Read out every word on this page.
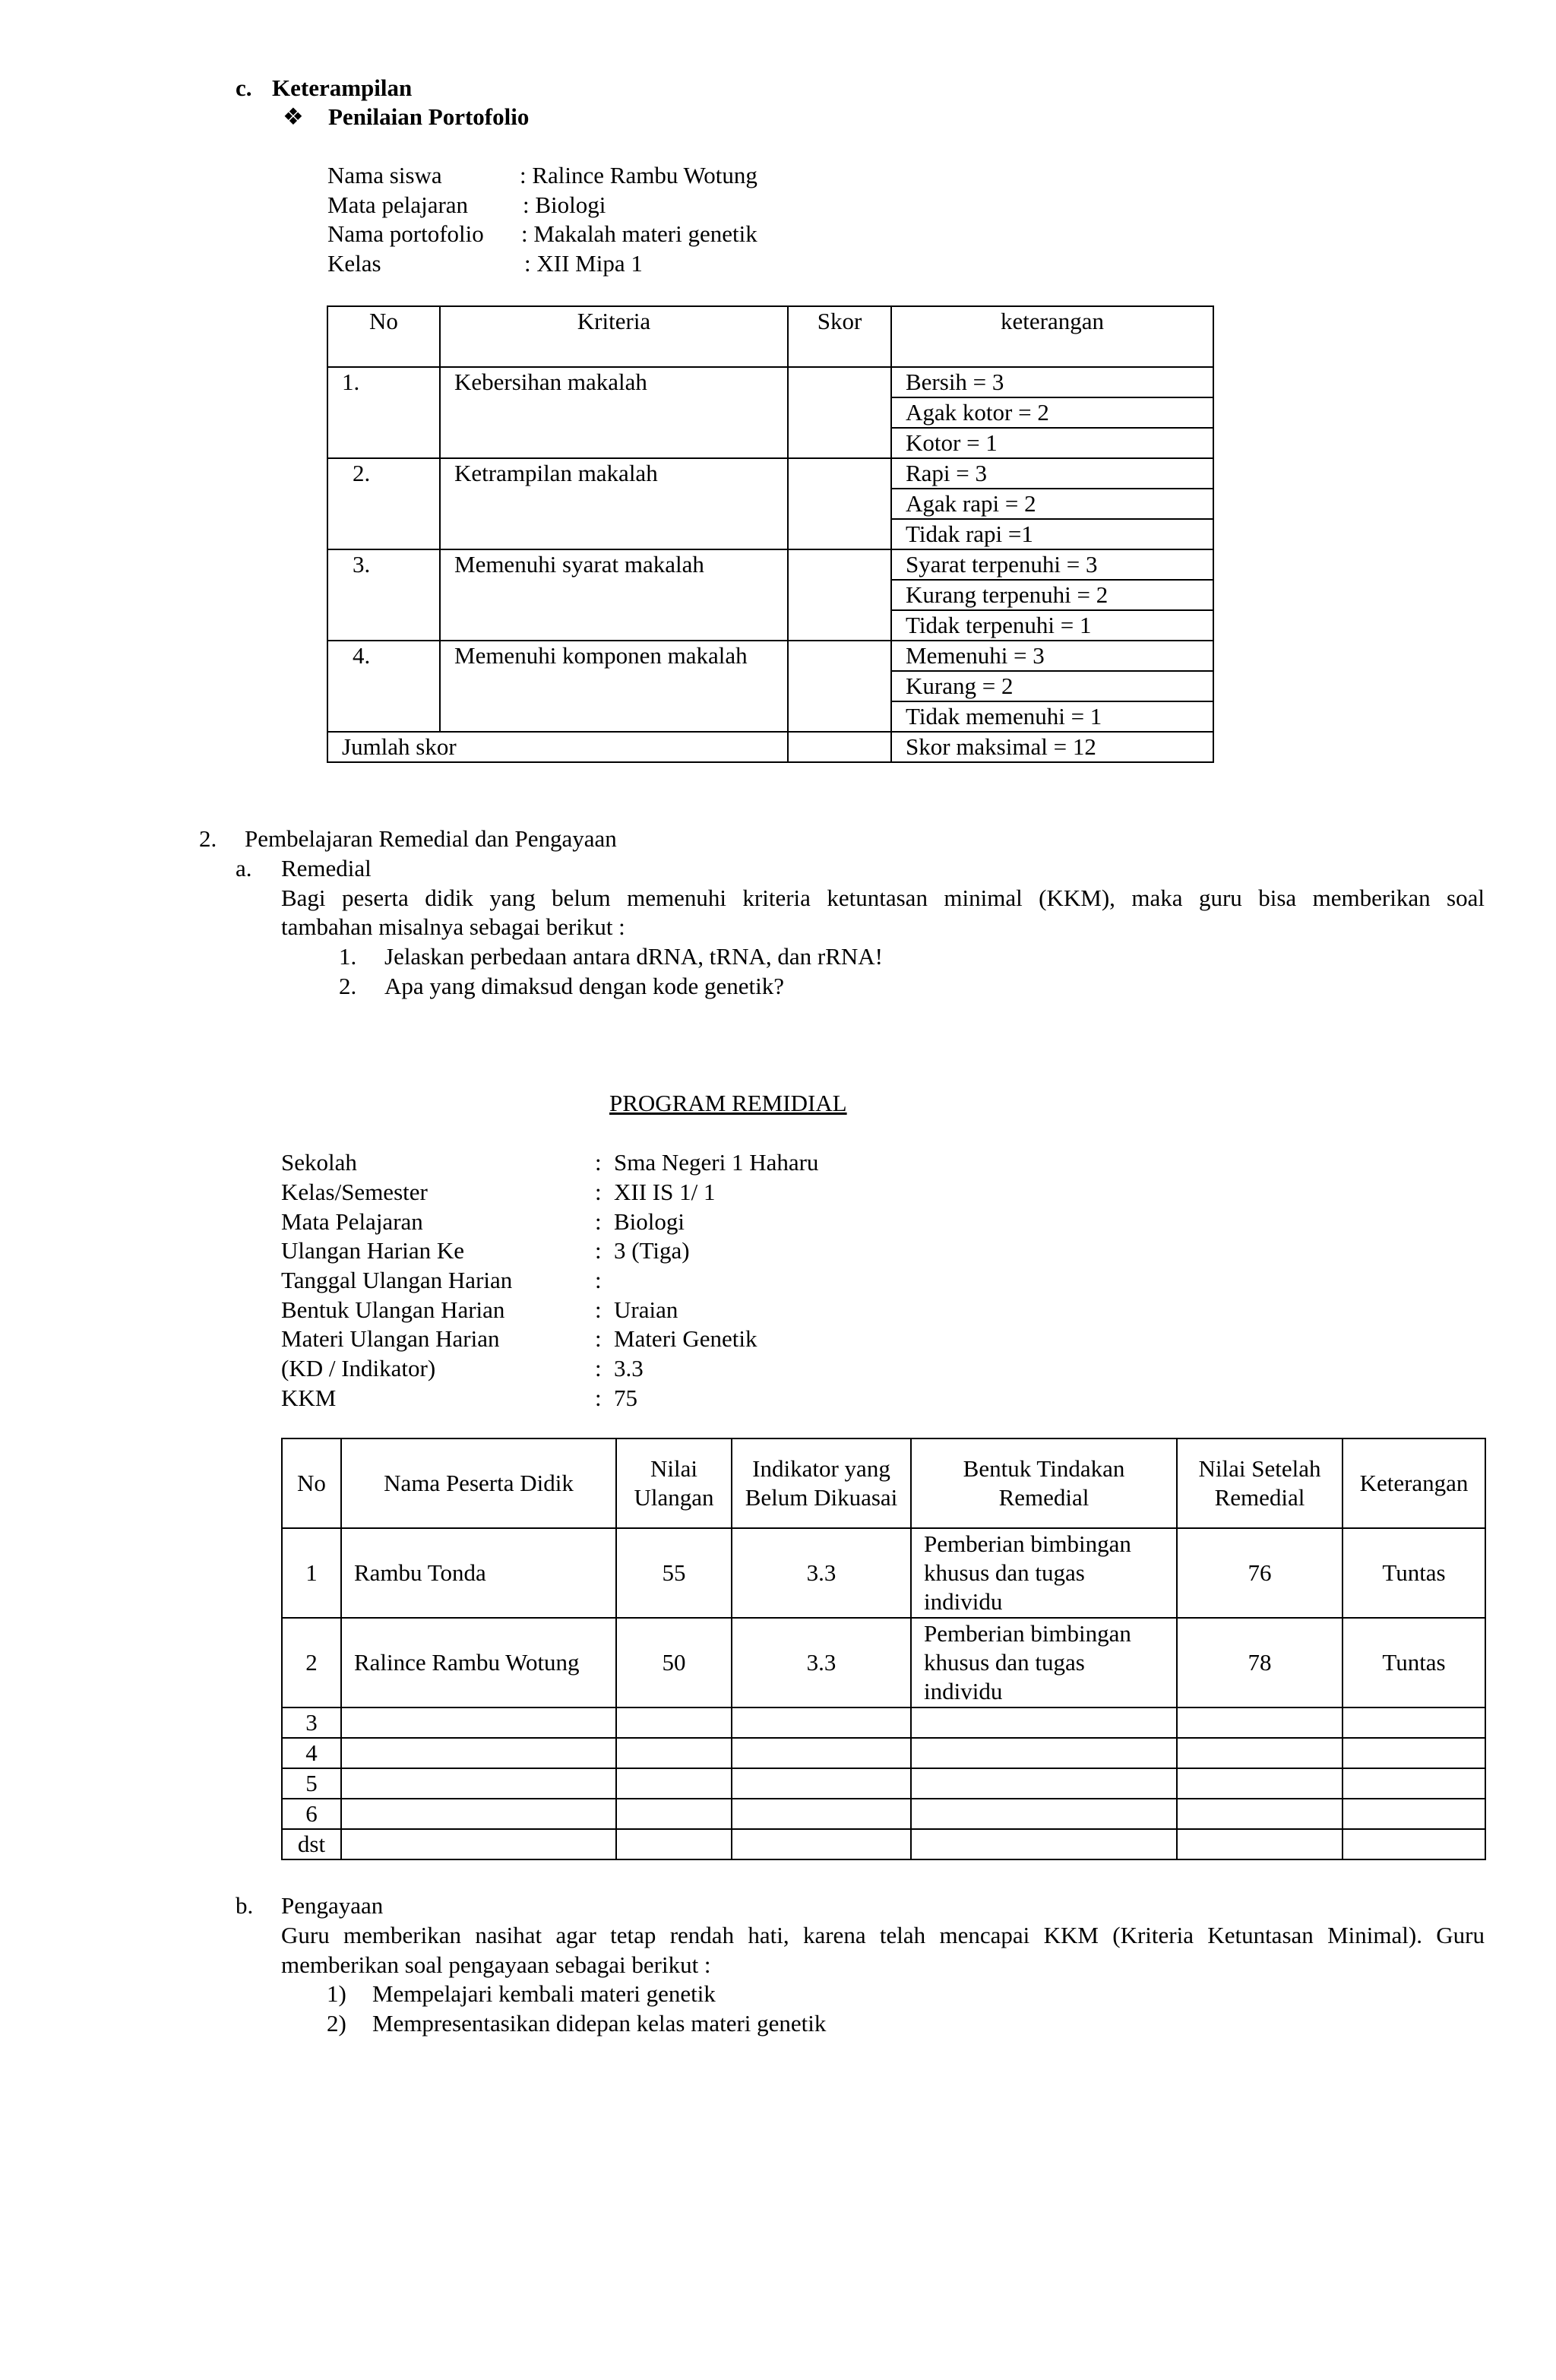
c. Keterampilan
❖ Penilaian Portofolio
Nama siswa	: Ralince Rambu Wotung
Mata pelajaran : Biologi
Nama portofolio : Makalah materi genetik
Kelas	: XII Mipa 1
No	Kriteria	Skor	keterangan
1.	Kebersihan makalah		Bersih = 3
			Agak kotor = 2
			Kotor = 1
2.	Ketrampilan makalah		Rapi = 3
			Agak rapi = 2
			Tidak rapi =1
3.	Memenuhi syarat makalah		Syarat terpenuhi = 3
			Kurang terpenuhi = 2
			Tidak terpenuhi = 1
4.	Memenuhi komponen makalah		Memenuhi = 3
			Kurang = 2
			Tidak memenuhi = 1
Jumlah skor			Skor maksimal = 12
2. Pembelajaran Remedial dan Pengayaan
a. Remedial
Bagi peserta didik yang belum memenuhi kriteria ketuntasan minimal (KKM), maka guru bisa memberikan soal
tambahan misalnya sebagai berikut :
1. Jelaskan perbedaan antara dRNA, tRNA, dan rRNA!
2. Apa yang dimaksud dengan kode genetik?
PROGRAM REMIDIAL
Sekolah	: Sma Negeri 1 Haharu
Kelas/Semester	: XII IS 1/ 1
Mata Pelajaran	: Biologi
Ulangan Harian Ke	: 3 (Tiga)
Tanggal Ulangan Harian	:
Bentuk Ulangan Harian	: Uraian
Materi Ulangan Harian	: Materi Genetik
(KD / Indikator)	: 3.3
KKM	: 75
No	Nama Peserta Didik	Nilai Ulangan	Indikator yang Belum Dikuasai	Bentuk Tindakan Remedial	Nilai Setelah Remedial	Keterangan
1	Rambu Tonda	55	3.3	Pemberian bimbingan khusus dan tugas individu	76	Tuntas
2	Ralince Rambu Wotung	50	3.3	Pemberian bimbingan khusus dan tugas individu	78	Tuntas
3						
4						
5						
6						
dst						
b. Pengayaan
Guru memberikan nasihat agar tetap rendah hati, karena telah mencapai KKM (Kriteria Ketuntasan Minimal). Guru
memberikan soal pengayaan sebagai berikut :
1) Mempelajari kembali materi genetik
2) Mempresentasikan didepan kelas materi genetik
